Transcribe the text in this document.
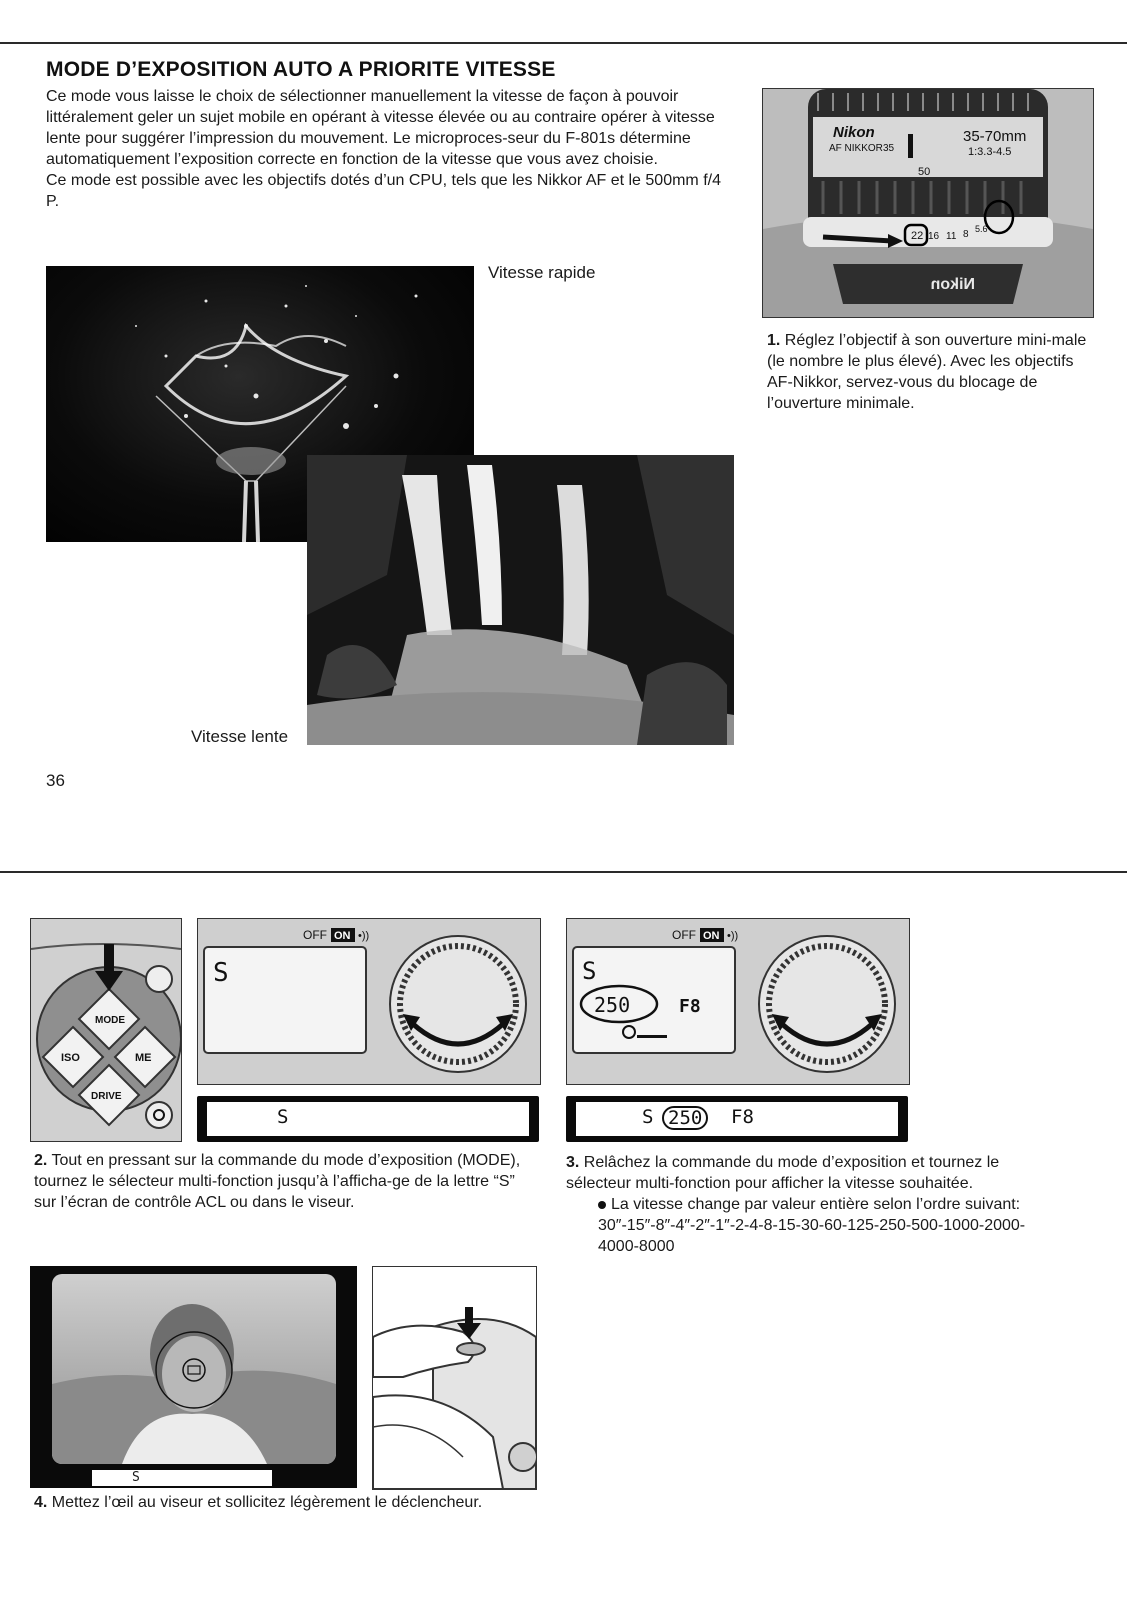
MODE D’EXPOSITION AUTO A PRIORITE VITESSE

Ce mode vous laisse le choix de sélectionner manuellement la vitesse de façon à pouvoir littéralement geler un sujet mobile en opérant à vitesse élevée ou au contraire opérer à vitesse lente pour suggérer l’impression du mouvement. Le microproces-seur du F-801s détermine automatiquement l’exposition correcte en fonction de la vitesse que vous avez choisie.

Ce mode est possible avec les objectifs dotés d’un CPU, tels que les Nikkor AF et le 500mm f/4 P.

Vitesse rapide
Vitesse lente
Nikon
AF NIKKOR
35-70mm
1:3.3-4.5
35
50
22 16 11 8 5.6
Nikon
1. Réglez l’objectif à son ouverture mini-male (le nombre le plus élevé). Avec les objectifs AF-Nikkor, servez-vous du blocage de l’ouverture minimale.
36
MODE
ISO	ME
DRIVE
OFF ON •))
S
S
2. Tout en pressant sur la commande du mode d’exposition (MODE), tournez le sélecteur multi-fonction jusqu’à l’afficha-ge de la lettre “S” sur l’écran de contrôle ACL ou dans le viseur.
OFF ON •))
S
250	F8
S 250	F8
3. Relâchez la commande du mode d’exposition et tournez le sélecteur multi-fonction pour afficher la vitesse souhaitée.
La vitesse change par valeur entière selon l’ordre suivant:
30″-15″-8″-4″-2″-1″-2-4-8-15-30-60-125-250-500-1000-2000-4000-8000
S
4. Mettez l’œil au viseur et sollicitez légèrement le déclencheur.
